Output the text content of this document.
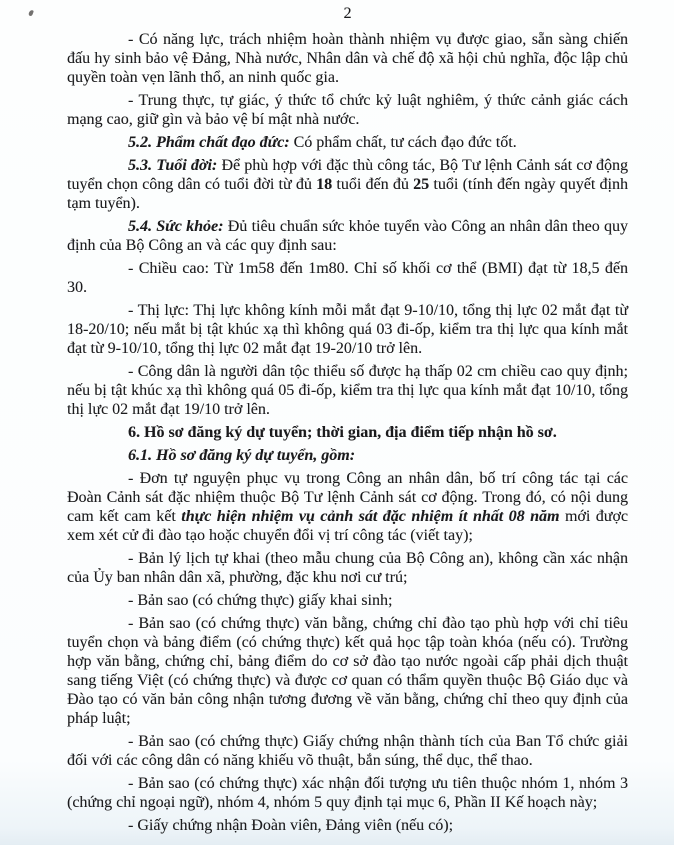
2

- Có năng lực, trách nhiệm hoàn thành nhiệm vụ được giao, sẵn sàng chiến đấu hy sinh bảo vệ Đảng, Nhà nước, Nhân dân và chế độ xã hội chủ nghĩa, độc lập chủ quyền toàn vẹn lãnh thổ, an ninh quốc gia.

- Trung thực, tự giác, ý thức tổ chức kỷ luật nghiêm, ý thức cảnh giác cách mạng cao, giữ gìn và bảo vệ bí mật nhà nước.

5.2. Phẩm chất đạo đức: Có phẩm chất, tư cách đạo đức tốt.

5.3. Tuổi đời: Để phù hợp với đặc thù công tác, Bộ Tư lệnh Cảnh sát cơ động tuyển chọn công dân có tuổi đời từ đủ 18 tuổi đến đủ 25 tuổi (tính đến ngày quyết định tạm tuyển).

5.4. Sức khỏe: Đủ tiêu chuẩn sức khỏe tuyển vào Công an nhân dân theo quy định của Bộ Công an và các quy định sau:

- Chiều cao: Từ 1m58 đến 1m80. Chỉ số khối cơ thể (BMI) đạt từ 18,5 đến 30.

- Thị lực: Thị lực không kính mỗi mắt đạt 9-10/10, tổng thị lực 02 mắt đạt từ 18-20/10; nếu mắt bị tật khúc xạ thì không quá 03 đi-ốp, kiểm tra thị lực qua kính mắt đạt từ 9-10/10, tổng thị lực 02 mắt đạt 19-20/10 trở lên.

- Công dân là người dân tộc thiểu số được hạ thấp 02 cm chiều cao quy định; nếu bị tật khúc xạ thì không quá 05 đi-ốp, kiểm tra thị lực qua kính mắt đạt 10/10, tổng thị lực 02 mắt đạt 19/10 trở lên.

6. Hồ sơ đăng ký dự tuyển; thời gian, địa điểm tiếp nhận hồ sơ.

6.1. Hồ sơ đăng ký dự tuyển, gồm:

- Đơn tự nguyện phục vụ trong Công an nhân dân, bố trí công tác tại các Đoàn Cảnh sát đặc nhiệm thuộc Bộ Tư lệnh Cảnh sát cơ động. Trong đó, có nội dung cam kết cam kết thực hiện nhiệm vụ cảnh sát đặc nhiệm ít nhất 08 năm mới được xem xét cử đi đào tạo hoặc chuyển đổi vị trí công tác (viết tay);

- Bản lý lịch tự khai (theo mẫu chung của Bộ Công an), không cần xác nhận của Ủy ban nhân dân xã, phường, đặc khu nơi cư trú;

- Bản sao (có chứng thực) giấy khai sinh;

- Bản sao (có chứng thực) văn bằng, chứng chỉ đào tạo phù hợp với chỉ tiêu tuyển chọn và bảng điểm (có chứng thực) kết quả học tập toàn khóa (nếu có). Trường hợp văn bằng, chứng chỉ, bảng điểm do cơ sở đào tạo nước ngoài cấp phải dịch thuật sang tiếng Việt (có chứng thực) và được cơ quan có thẩm quyền thuộc Bộ Giáo dục và Đào tạo có văn bản công nhận tương đương về văn bằng, chứng chỉ theo quy định của pháp luật;

- Bản sao (có chứng thực) Giấy chứng nhận thành tích của Ban Tổ chức giải đối với các công dân có năng khiếu võ thuật, bắn súng, thể dục, thể thao.

- Bản sao (có chứng thực) xác nhận đối tượng ưu tiên thuộc nhóm 1, nhóm 3 (chứng chỉ ngoại ngữ), nhóm 4, nhóm 5 quy định tại mục 6, Phần II Kế hoạch này;

- Giấy chứng nhận Đoàn viên, Đảng viên (nếu có);
